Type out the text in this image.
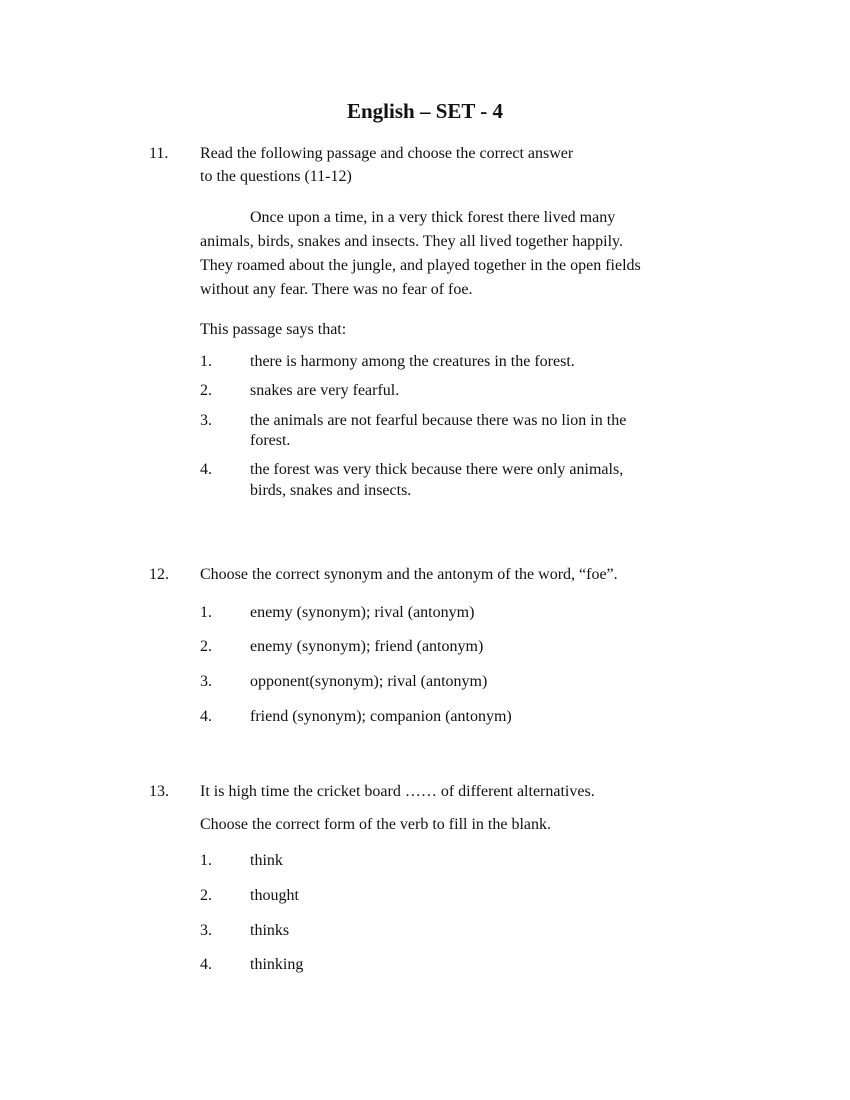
English – SET - 4
11. Read the following passage and choose the correct answer
to the questions (11-12)
Once upon a time, in a very thick forest there lived many
animals, birds, snakes and insects. They all lived together happily.
They roamed about the jungle, and played together in the open fields
without any fear. There was no fear of foe.
This passage says that:
1. there is harmony among the creatures in the forest.
2. snakes are very fearful.
3. the animals are not fearful because there was no lion in the
forest.
4. the forest was very thick because there were only animals,
birds, snakes and insects.
12. Choose the correct synonym and the antonym of the word, “foe”.
1. enemy (synonym); rival (antonym)
2. enemy (synonym); friend (antonym)
3. opponent(synonym); rival (antonym)
4. friend (synonym); companion (antonym)
13. It is high time the cricket board …… of different alternatives.
Choose the correct form of the verb to fill in the blank.
1. think
2. thought
3. thinks
4. thinking
